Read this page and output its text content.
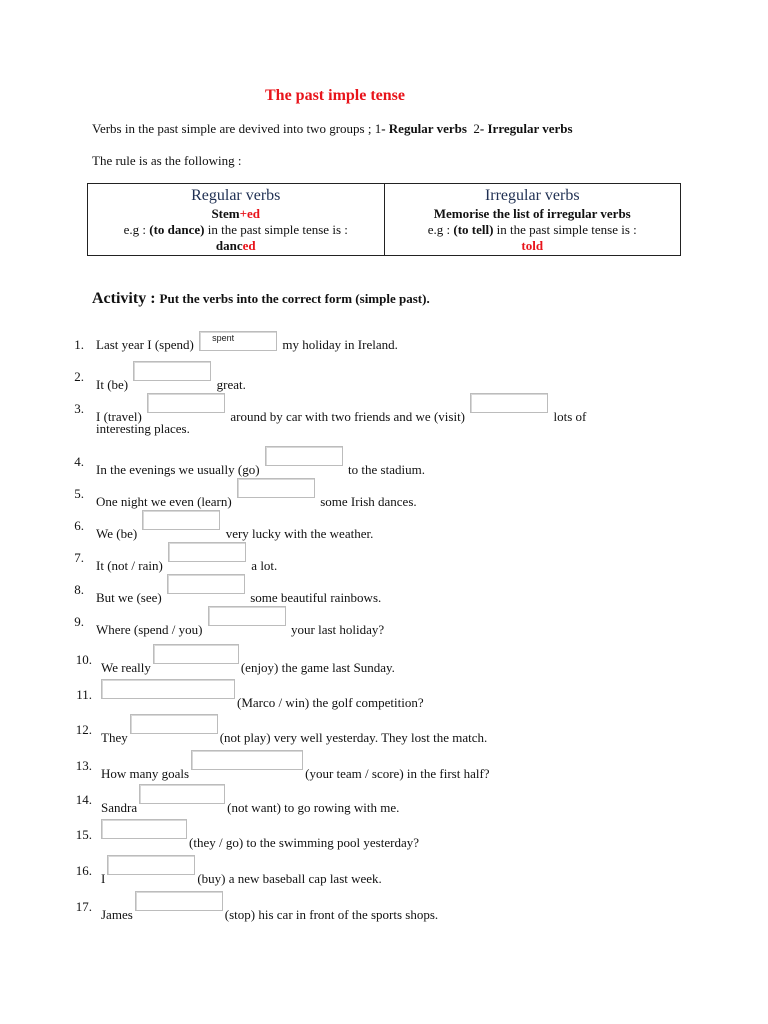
The past imple tense
Verbs in the past simple are devived into two groups ; 1- Regular verbs  2- Irregular verbs
The rule is as the following :
Regular verbs
Stem+ed
e.g : (to dance) in the past simple tense is :
danced

Irregular verbs
Memorise the list of irregular verbs
e.g : (to tell) in the past simple tense is :
told
Activity : Put the verbs into the correct form (simple past).
1. Last year I (spend) spent	my holiday in Ireland.
2.
It (be)	great.
3.
I (travel)	around by car with two friends and we (visit)	lots of
interesting places.
4.
In the evenings we usually (go)	to the stadium.
5.
One night we even (learn)	some Irish dances.
6.
We (be)	very lucky with the weather.
7.
It (not / rain)	a lot.
8.
But we (see)	some beautiful rainbows.
9.
Where (spend / you)	your last holiday?
10.
We really	(enjoy) the game last Sunday.
11.
(Marco / win) the golf competition?
12.
They	(not play) very well yesterday. They lost the match.
13.
How many goals	(your team / score) in the first half?
14.
Sandra	(not want) to go rowing with me.
15.
(they / go) to the swimming pool yesterday?
16.
I	(buy) a new baseball cap last week.
17.
James	(stop) his car in front of the sports shops.
